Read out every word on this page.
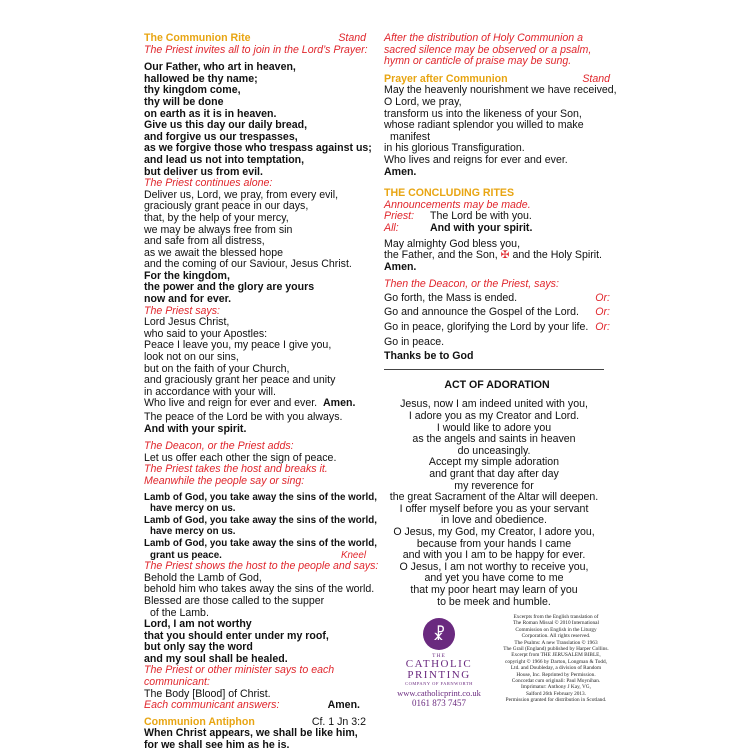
The Communion Rite	Stand
The Priest invites all to join in the Lord’s Prayer:
Our Father, who art in heaven,
hallowed be thy name;
thy kingdom come,
thy will be done
on earth as it is in heaven.
Give us this day our daily bread,
and forgive us our trespasses,
as we forgive those who trespass against us;
and lead us not into temptation,
but deliver us from evil.
The Priest continues alone:
Deliver us, Lord, we pray, from every evil,
graciously grant peace in our days,
that, by the help of your mercy,
we may be always free from sin
and safe from all distress,
as we await the blessed hope
and the coming of our Saviour, Jesus Christ.
For the kingdom,
the power and the glory are yours
now and for ever.
The Priest says:
Lord Jesus Christ,
who said to your Apostles:
Peace I leave you, my peace I give you,
look not on our sins,
but on the faith of your Church,
and graciously grant her peace and unity
in accordance with your will.
Who live and reign for ever and ever. Amen.
The peace of the Lord be with you always.
And with your spirit.
The Deacon, or the Priest adds:
Let us offer each other the sign of peace.
The Priest takes the host and breaks it.
Meanwhile the people say or sing:
Lamb of God, you take away the sins of the world,
have mercy on us.
Lamb of God, you take away the sins of the world,
have mercy on us.
Lamb of God, you take away the sins of the world,
grant us peace.	Kneel
The Priest shows the host to the people and says:
Behold the Lamb of God,
behold him who takes away the sins of the world.
Blessed are those called to the supper
of the Lamb.
Lord, I am not worthy
that you should enter under my roof,
but only say the word
and my soul shall be healed.
The Priest or other minister says to each
communicant:
The Body [Blood] of Christ.
Each communicant answers:	Amen.
Communion Antiphon	Cf. 1 Jn 3:2
When Christ appears, we shall be like him,
for we shall see him as he is.
After the distribution of Holy Communion a
sacred silence may be observed or a psalm,
hymn or canticle of praise may be sung.
Prayer after Communion	Stand
May the heavenly nourishment we have received,
O Lord, we pray,
transform us into the likeness of your Son,
whose radiant splendor you willed to make
manifest
in his glorious Transfiguration.
Who lives and reigns for ever and ever.
Amen.
THE CONCLUDING RITES
Announcements may be made.
Priest:	The Lord be with you.
All:	And with your spirit.
May almighty God bless you,
the Father, and the Son, ✠ and the Holy Spirit.
Amen.
Then the Deacon, or the Priest, says:
Go forth, the Mass is ended.	Or:
Go and announce the Gospel of the Lord. Or:
Go in peace, glorifying the Lord by your life. Or:
Go in peace.
Thanks be to God
ACT OF ADORATION
Jesus, now I am indeed united with you,
I adore you as my Creator and Lord.
I would like to adore you
as the angels and saints in heaven
do unceasingly.
Accept my simple adoration
and grant that day after day
my reverence for
the great Sacrament of the Altar will deepen.
I offer myself before you as your servant
in love and obedience.
O Jesus, my God, my Creator, I adore you,
because from your hands I came
and with you I am to be happy for ever.
O Jesus, I am not worthy to receive you,
and yet you have come to me
that my poor heart may learn of you
to be meek and humble.
☧
THE
CATHOLIC
PRINTING
COMPANY OF FARNWORTH
www.catholicprint.co.uk
0161 873 7457
Excerpts from the English translation of
The Roman Missal © 2010 International
Commission on English in the Liturgy
Corporation. All rights reserved.
The Psalms: A new Translation © 1963
The Grail (England) published by Harper Collins.
Excerpt from THE JERUSALEM BIBLE,
copyright © 1966 by Darton, Longman & Todd,
Ltd. and Doubleday, a division of Random
House, Inc. Reprinted by Permission.
Concordat cum originali: Paul Moynihan.
Imprimatur: Anthony J Kay, VG,
Salford 26th February 2013.
Permission granted for distribution in Scotland.
